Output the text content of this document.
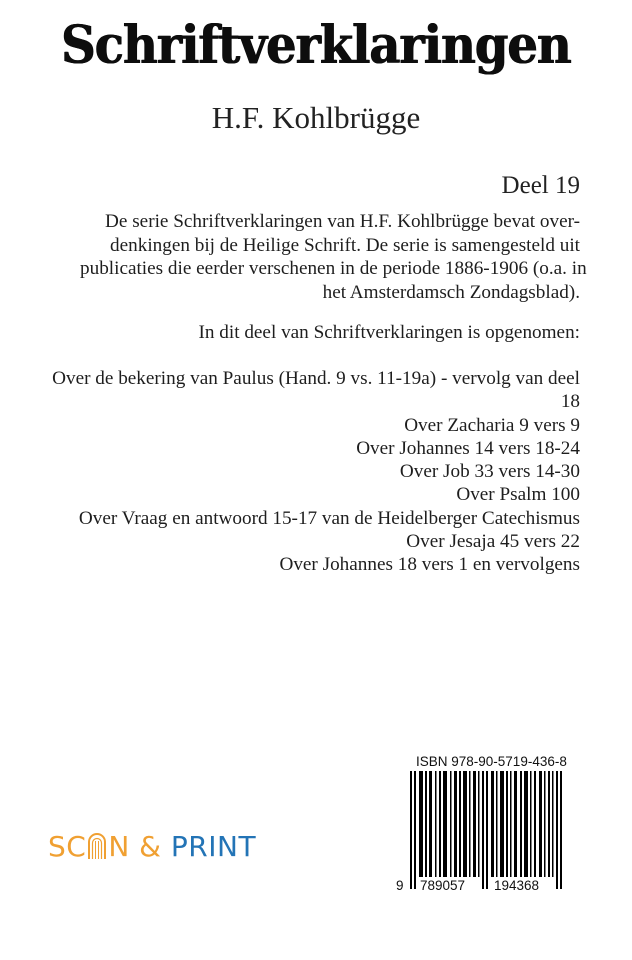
Schriftverklaringen
H.F. Kohlbrügge
Deel 19
De serie Schriftverklaringen van H.F. Kohlbrügge bevat over-
denkingen bij de Heilige Schrift. De serie is samengesteld uit
publicaties die eerder verschenen in de periode 1886-1906 (o.a. in
het Amsterdamsch Zondagsblad).
In dit deel van Schriftverklaringen is opgenomen:
Over de bekering van Paulus (Hand. 9 vs. 11-19a) - vervolg van deel
18
Over Zacharia 9 vers 9
Over Johannes 14 vers 18-24
Over Job 33 vers 14-30
Over Psalm 100
Over Vraag en antwoord 15-17 van de Heidelberger Catechismus
Over Jesaja 45 vers 22
Over Johannes 18 vers 1 en vervolgens
SC N & PRINT
ISBN 978-90-5719-436-8
9 789057 194368
